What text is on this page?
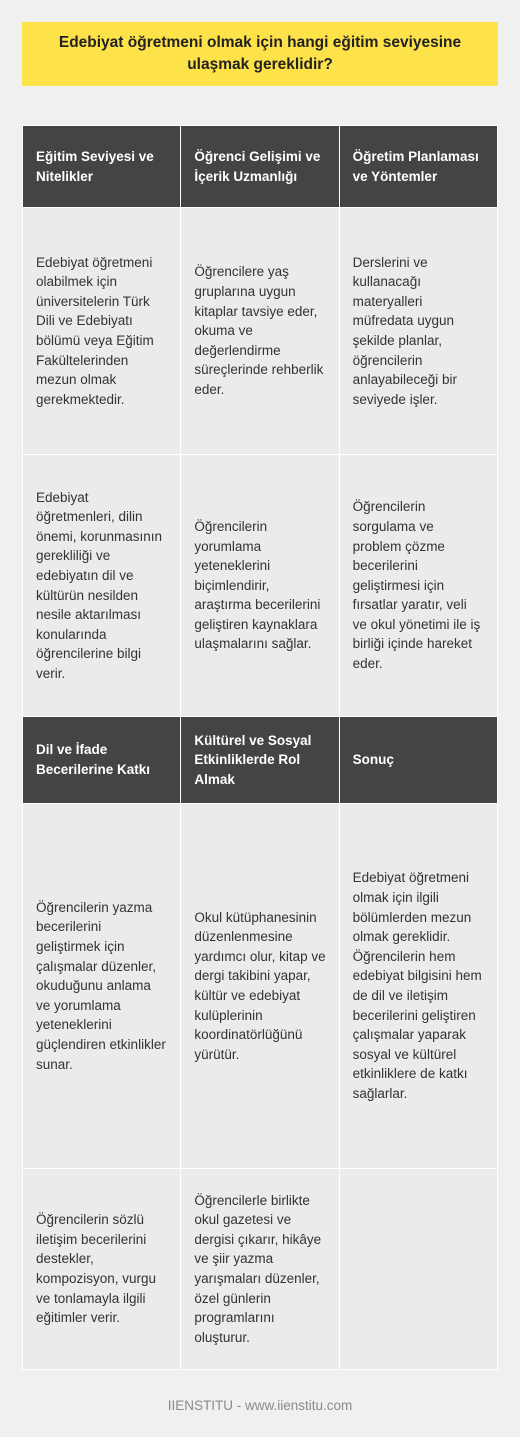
Edebiyat öğretmeni olmak için hangi eğitim seviyesine ulaşmak gereklidir?
Eğitim Seviyesi ve Nitelikler	Öğrenci Gelişimi ve İçerik Uzmanlığı	Öğretim Planlaması ve Yöntemler
Edebiyat öğretmeni olabilmek için üniversitelerin Türk Dili ve Edebiyatı bölümü veya Eğitim Fakültelerinden mezun olmak gerekmektedir.	Öğrencilere yaş gruplarına uygun kitaplar tavsiye eder, okuma ve değerlendirme süreçlerinde rehberlik eder.	Derslerini ve kullanacağı materyalleri müfredata uygun şekilde planlar, öğrencilerin anlayabileceği bir seviyede işler.
Edebiyat öğretmenleri, dilin önemi, korunmasının gerekliliği ve edebiyatın dil ve kültürün nesilden nesile aktarılması konularında öğrencilerine bilgi verir.	Öğrencilerin yorumlama yeteneklerini biçimlendirir, araştırma becerilerini geliştiren kaynaklara ulaşmalarını sağlar.	Öğrencilerin sorgulama ve problem çözme becerilerini geliştirmesi için fırsatlar yaratır, veli ve okul yönetimi ile iş birliği içinde hareket eder.
Dil ve İfade Becerilerine Katkı	Kültürel ve Sosyal Etkinliklerde Rol Almak	Sonuç
Öğrencilerin yazma becerilerini geliştirmek için çalışmalar düzenler, okuduğunu anlama ve yorumlama yeteneklerini güçlendiren etkinlikler sunar.	Okul kütüphanesinin düzenlenmesine yardımcı olur, kitap ve dergi takibini yapar, kültür ve edebiyat kulüplerinin koordinatörlüğünü yürütür.	Edebiyat öğretmeni olmak için ilgili bölümlerden mezun olmak gereklidir. Öğrencilerin hem edebiyat bilgisini hem de dil ve iletişim becerilerini geliştiren çalışmalar yaparak sosyal ve kültürel etkinliklere de katkı sağlarlar.
Öğrencilerin sözlü iletişim becerilerini destekler, kompozisyon, vurgu ve tonlamayla ilgili eğitimler verir.	Öğrencilerle birlikte okul gazetesi ve dergisi çıkarır, hikâye ve şiir yazma yarışmaları düzenler, özel günlerin programlarını oluşturur.	
IIENSTITU - www.iienstitu.com
